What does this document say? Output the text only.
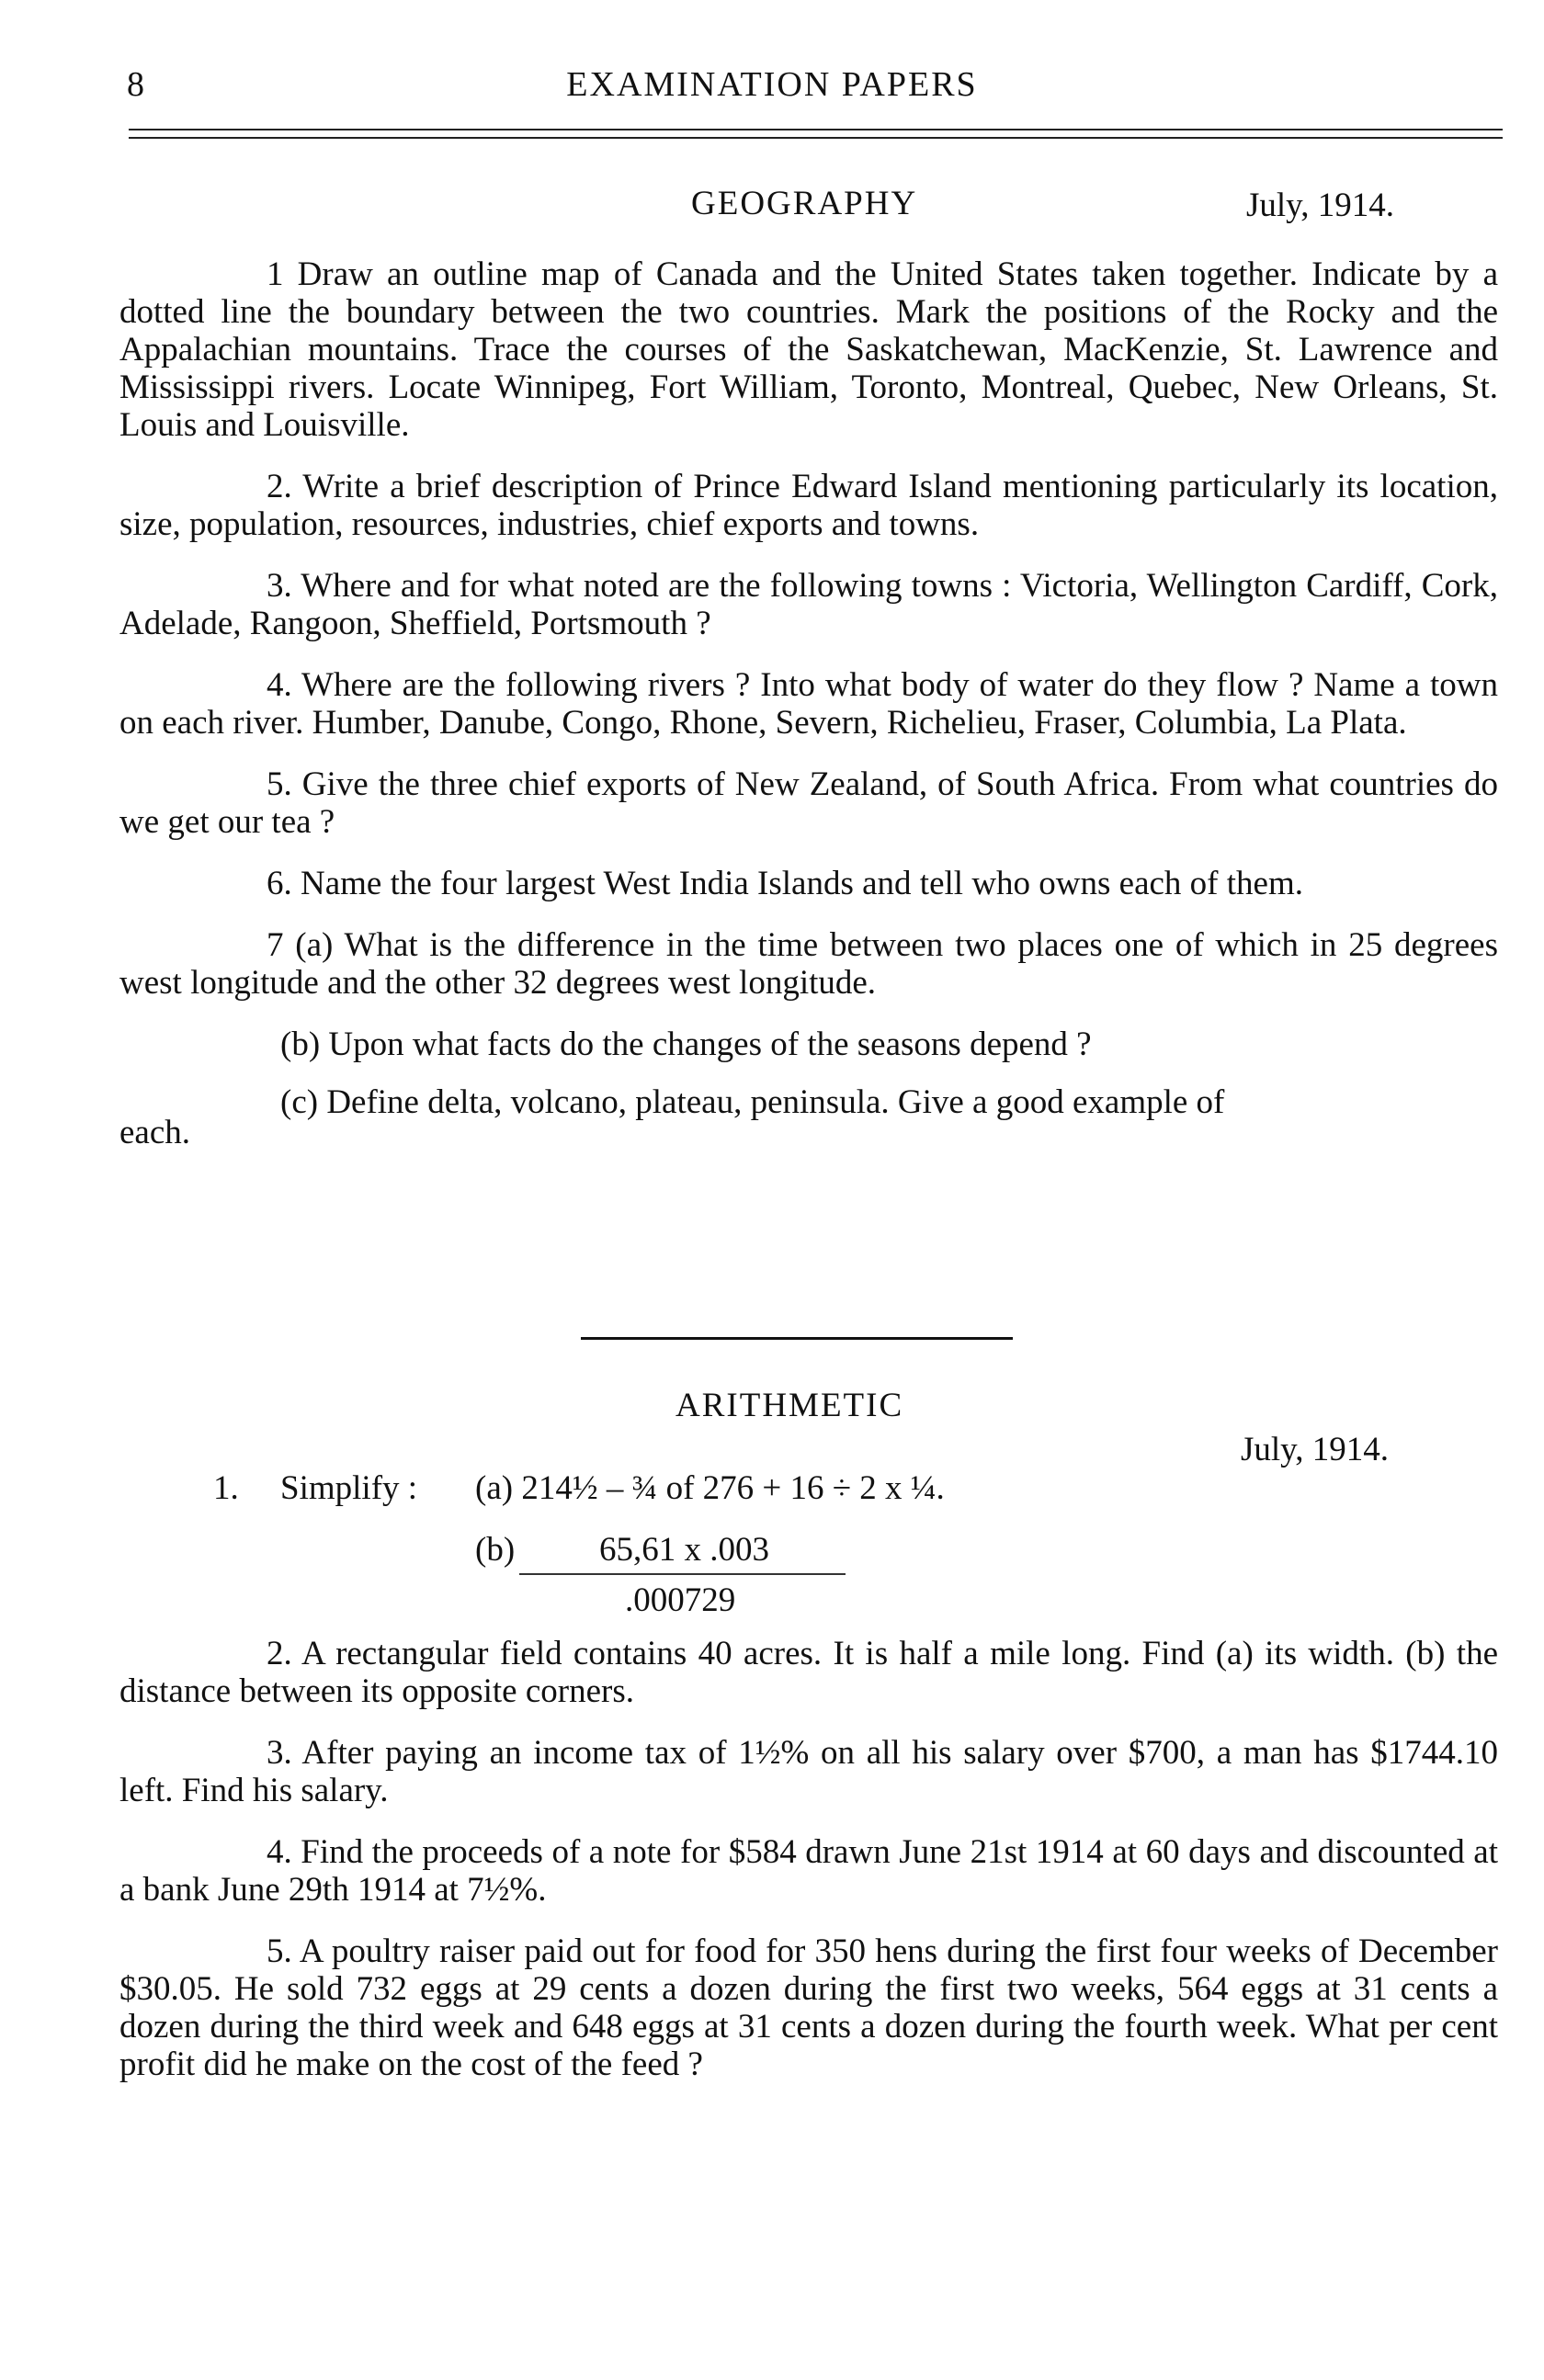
8	EXAMINATION PAPERS
GEOGRAPHY	July, 1914.
1 Draw an outline map of Canada and the United States taken together. Indicate by a dotted line the boundary between the two countries. Mark the positions of the Rocky and the Appalachian mountains. Trace the courses of the Saskatchewan, MacKenzie, St. Lawrence and Mississippi rivers. Locate Winnipeg, Fort William, Toronto, Montreal, Quebec, New Orleans, St. Louis and Louisville.
2. Write a brief description of Prince Edward Island mentioning particularly its location, size, population, resources, industries, chief exports and towns.
3. Where and for what noted are the following towns : Victoria, Wellington Cardiff, Cork, Adelade, Rangoon, Sheffield, Portsmouth ?
4. Where are the following rivers ? Into what body of water do they flow ? Name a town on each river. Humber, Danube, Congo, Rhone, Severn, Richelieu, Fraser, Columbia, La Plata.
5. Give the three chief exports of New Zealand, of South Africa. From what countries do we get our tea ?
6. Name the four largest West India Islands and tell who owns each of them.
7 (a) What is the difference in the time between two places one of which in 25 degrees west longitude and the other 32 degrees west longitude.
(b) Upon what facts do the changes of the seasons depend ?
(c) Define delta, volcano, plateau, peninsula. Give a good example of
each.
ARITHMETIC
July, 1914.
1. Simplify : (a) 214½ – ¾ of 276 + 16 ÷ 2 x ¼.
(b) 65,61 x .003
.000729
2. A rectangular field contains 40 acres. It is half a mile long. Find (a) its width. (b) the distance between its opposite corners.
3. After paying an income tax of 1½% on all his salary over $700, a man has $1744.10 left. Find his salary.
4. Find the proceeds of a note for $584 drawn June 21st 1914 at 60 days and discounted at a bank June 29th 1914 at 7½%.
5. A poultry raiser paid out for food for 350 hens during the first four weeks of December $30.05. He sold 732 eggs at 29 cents a dozen during the first two weeks, 564 eggs at 31 cents a dozen during the third week and 648 eggs at 31 cents a dozen during the fourth week. What per cent profit did he make on the cost of the feed ?
